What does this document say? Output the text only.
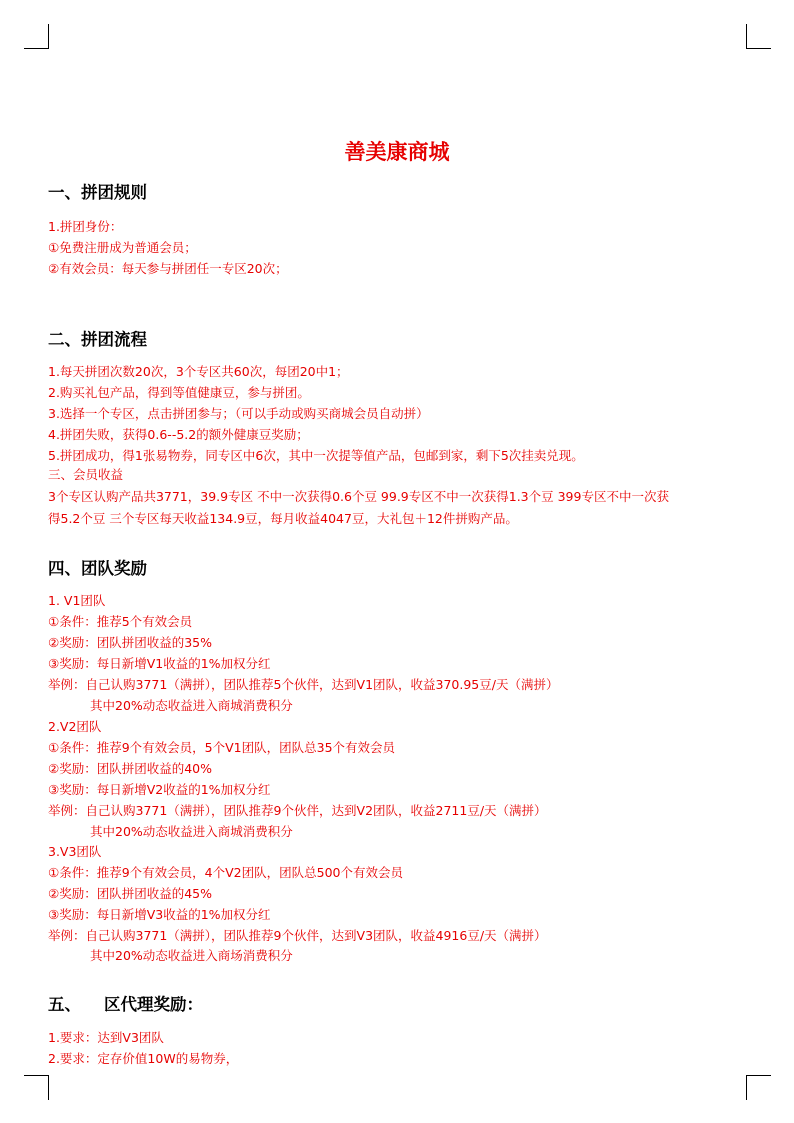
善美康商城
一、拼团规则
1.拼团身份：
①免费注册成为普通会员；
②有效会员：每天参与拼团任一专区20次；
二、拼团流程
1.每天拼团次数20次，3个专区共60次，每团20中1；
2.购买礼包产品，得到等值健康豆，参与拼团。
3.选择一个专区，点击拼团参与；（可以手动或购买商城会员自动拼）
4.拼团失败，获得0.6--5.2的额外健康豆奖励；
5.拼团成功，得1张易物券，同专区中6次，其中一次提等值产品，包邮到家，剩下5次挂卖兑现。
三、会员收益
3个专区认购产品共3771，39.9专区 不中一次获得0.6个豆 99.9专区不中一次获得1.3个豆 399专区不中一次获
得5.2个豆 三个专区每天收益134.9豆，每月收益4047豆，大礼包＋12件拼购产品。
四、团队奖励
1. V1团队
①条件：推荐5个有效会员
②奖励：团队拼团收益的35%
③奖励：每日新增V1收益的1%加权分红
举例：自己认购3771（满拼），团队推荐5个伙伴，达到V1团队，收益370.95豆/天（满拼）
其中20%动态收益进入商城消费积分
2.V2团队
①条件：推荐9个有效会员，5个V1团队，团队总35个有效会员
②奖励：团队拼团收益的40%
③奖励：每日新增V2收益的1%加权分红
举例：自己认购3771（满拼），团队推荐9个伙伴，达到V2团队，收益2711豆/天（满拼）
其中20%动态收益进入商城消费积分
3.V3团队
①条件：推荐9个有效会员，4个V2团队，团队总500个有效会员
②奖励：团队拼团收益的45%
③奖励：每日新增V3收益的1%加权分红
举例：自己认购3771（满拼），团队推荐9个伙伴，达到V3团队，收益4916豆/天（满拼）
其中20%动态收益进入商场消费积分
五、    区代理奖励：
1.要求：达到V3团队
2.要求：定存价值10W的易物券，
